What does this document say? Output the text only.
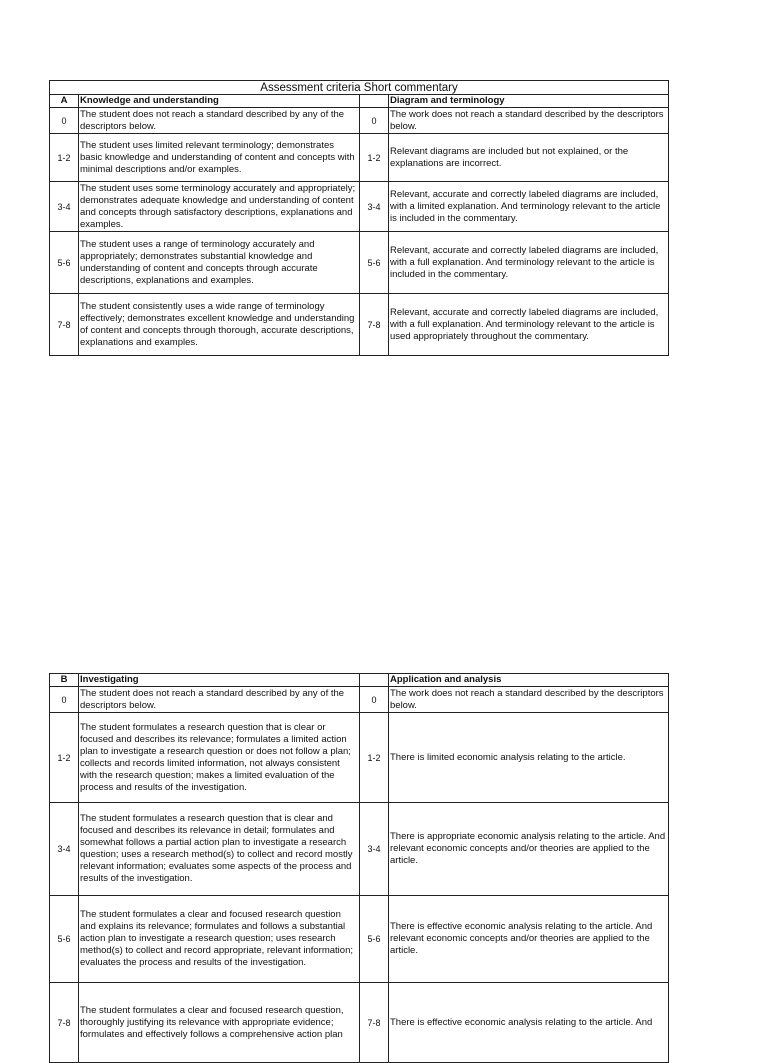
Assessment criteria Short commentary			
A	Knowledge and understanding		Diagram and terminology
0	The student does not reach a standard described by any of the descriptors below.	0	The work does not reach a standard described by the descriptors below.
1-2	The student uses limited relevant terminology; demonstrates basic knowledge and understanding of content and concepts with minimal descriptions and/or examples.	1-2	Relevant diagrams are included but not explained, or the explanations are incorrect.
3-4	The student uses some terminology accurately and appropriately; demonstrates adequate knowledge and understanding of content and concepts through satisfactory descriptions, explanations and examples.	3-4	Relevant, accurate and correctly labeled diagrams are included, with a limited explanation. And terminology relevant to the article is included in the commentary.
5-6	The student uses a range of terminology accurately and appropriately; demonstrates substantial knowledge and understanding of content and concepts through accurate descriptions, explanations and examples.	5-6	Relevant, accurate and correctly labeled diagrams are included, with a full explanation. And terminology relevant to the article is included in the commentary.
7-8	The student consistently uses a wide range of terminology effectively; demonstrates excellent knowledge and understanding of content and concepts through thorough, accurate descriptions, explanations and examples.	7-8	Relevant, accurate and correctly labeled diagrams are included, with a full explanation. And terminology relevant to the article is used appropriately throughout the commentary.
B	Investigating		Application and analysis
0	The student does not reach a standard described by any of the descriptors below.	0	The work does not reach a standard described by the descriptors below.
1-2	The student formulates a research question that is clear or focused and describes its relevance; formulates a limited action plan to investigate a research question or does not follow a plan; collects and records limited information, not always consistent with the research question; makes a limited evaluation of the process and results of the investigation.	1-2	There is limited economic analysis relating to the article.
3-4	The student formulates a research question that is clear and focused and describes its relevance in detail; formulates and somewhat follows a partial action plan to investigate a research question; uses a research method(s) to collect and record mostly relevant information; evaluates some aspects of the process and results of the investigation.	3-4	There is appropriate economic analysis relating to the article. And relevant economic concepts and/or theories are applied to the article.
5-6	The student formulates a clear and focused research question and explains its relevance; formulates and follows a substantial action plan to investigate a research question; uses research method(s) to collect and record appropriate, relevant information; evaluates the process and results of the investigation.	5-6	There is effective economic analysis relating to the article. And relevant economic concepts and/or theories are applied to the article.
7-8	The student formulates a clear and focused research question, thoroughly justifying its relevance with appropriate evidence; formulates and effectively follows a comprehensive action plan	7-8	There is effective economic analysis relating to the article. And
